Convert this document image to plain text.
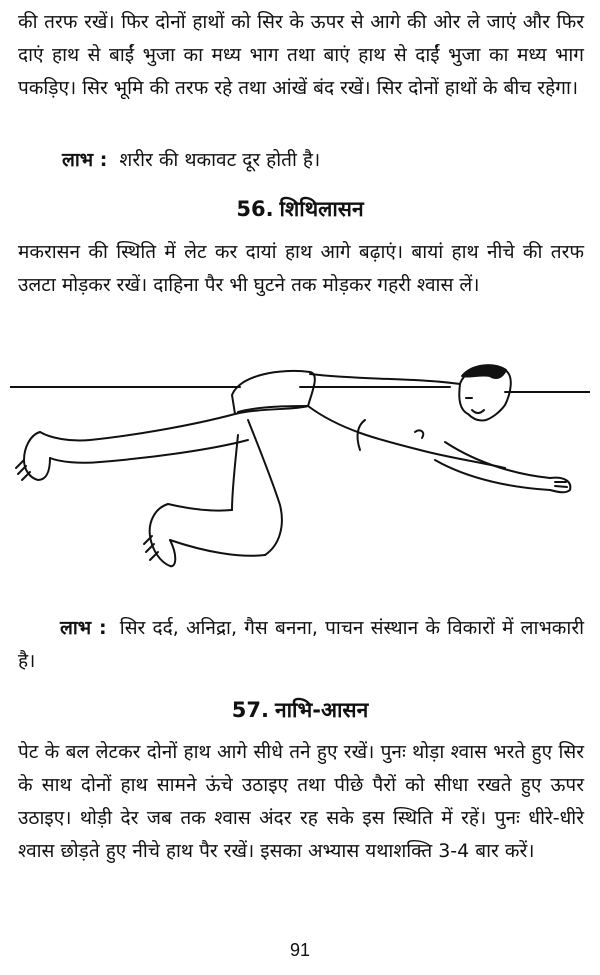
की तरफ रखें। फिर दोनों हाथों को सिर के ऊपर से आगे की ओर ले जाएं और फिर दाएं हाथ से बाईं भुजा का मध्य भाग तथा बाएं हाथ से दाईं भुजा का मध्य भाग पकड़िए। सिर भूमि की तरफ रहे तथा आंखें बंद रखें। सिर दोनों हाथों के बीच रहेगा।

लाभ : शरीर की थकावट दूर होती है।

56. शिथिलासन

मकरासन की स्थिति में लेट कर दायां हाथ आगे बढ़ाएं। बायां हाथ नीचे की तरफ उलटा मोड़कर रखें। दाहिना पैर भी घुटने तक मोड़कर गहरी श्वास लें।

लाभ : सिर दर्द, अनिद्रा, गैस बनना, पाचन संस्थान के विकारों में लाभकारी है।

57. नाभि-आसन

पेट के बल लेटकर दोनों हाथ आगे सीधे तने हुए रखें। पुनः थोड़ा श्वास भरते हुए सिर के साथ दोनों हाथ सामने ऊंचे उठाइए तथा पीछे पैरों को सीधा रखते हुए ऊपर उठाइए। थोड़ी देर जब तक श्वास अंदर रह सके इस स्थिति में रहें। पुनः धीरे-धीरे श्वास छोड़ते हुए नीचे हाथ पैर रखें। इसका अभ्यास यथाशक्ति 3-4 बार करें।

91
